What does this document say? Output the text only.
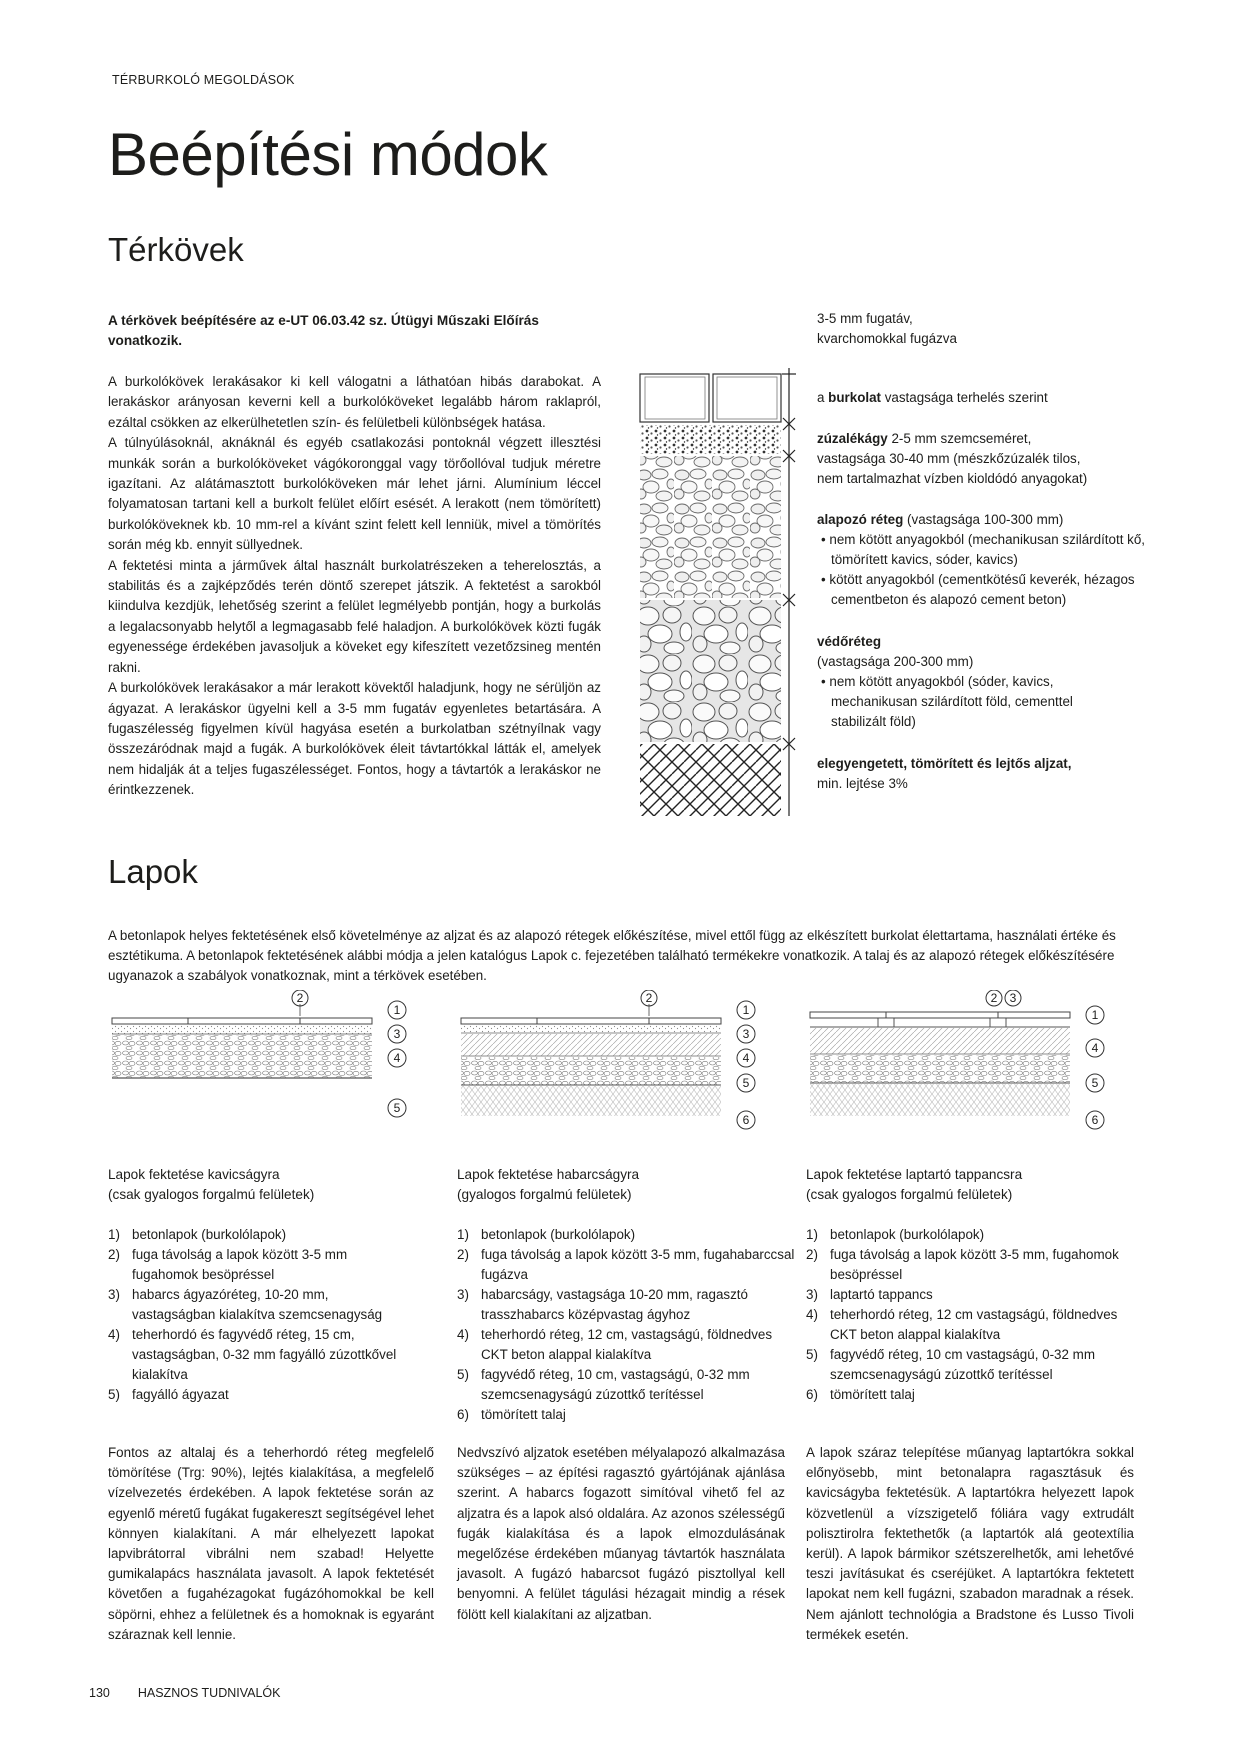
TÉRBURKOLÓ MEGOLDÁSOK
Beépítési módok
Térkövek
A térkövek beépítésére az e-UT 06.03.42 sz. Útügyi Műszaki Előírás vonatkozik.

A burkolókövek lerakásakor ki kell válogatni a láthatóan hibás darabokat. A lerakáskor arányosan keverni kell a burkolóköveket legalább három raklapról, ezáltal csökken az elkerülhetetlen szín- és felületbeli különbségek hatása.

A túlnyúlásoknál, aknáknál és egyéb csatlakozási pontoknál végzett illesztési munkák során a burkolóköveket vágókoronggal vagy törőollóval tudjuk méretre igazítani. Az alátámasztott burkolóköveken már lehet járni. Alumínium léccel folyamatosan tartani kell a burkolt felület előírt esését. A lerakott (nem tömörített) burkolóköveknek kb. 10 mm-rel a kívánt szint felett kell lenniük, mivel a tömörítés során még kb. ennyit süllyednek.

A fektetési minta a járművek által használt burkolatrészeken a teherelosztás, a stabilitás és a zajképződés terén döntő szerepet játszik. A fektetést a sarokból kiindulva kezdjük, lehetőség szerint a felület legmélyebb pontján, hogy a burkolás a legalacsonyabb helytől a legmagasabb felé haladjon. A burkolókövek közti fugák egyenessége érdekében javasoljuk a köveket egy kifeszített vezetőzsineg mentén rakni.

A burkolókövek lerakásakor a már lerakott kövektől haladjunk, hogy ne sérüljön az ágyazat. A lerakáskor ügyelni kell a 3-5 mm fugatáv egyenletes betartására. A fugaszélesség figyelmen kívül hagyása esetén a burkolatban szétnyílnak vagy összezáródnak majd a fugák. A burkolókövek éleit távtartókkal látták el, amelyek nem hidalják át a teljes fugaszélességet. Fontos, hogy a távtartók a lerakáskor ne érintkezzenek.

3-5 mm fugatáv,
kvarchomokkal fugázva
a burkolat vastagsága terhelés szerint
zúzalékágy 2-5 mm szemcseméret,
vastagsága 30-40 mm (mészkőzúzalék tilos,
nem tartalmazhat vízben kioldódó anyagokat)
alapozó réteg (vastagsága 100-300 mm)
• nem kötött anyagokból (mechanikusan szilárdított kő, tömörített kavics, sóder, kavics)
• kötött anyagokból (cementkötésű keverék, hézagos cementbeton és alapozó cement beton)
védőréteg
(vastagsága 200-300 mm)
• nem kötött anyagokból (sóder, kavics, mechanikusan szilárdított föld, cementtel stabilizált föld)
elegyengetett, tömörített és lejtős aljzat,
min. lejtése 3%
Lapok
A betonlapok helyes fektetésének első követelménye az aljzat és az alapozó rétegek előkészítése, mivel ettől függ az elkészített burkolat élettartama, használati értéke és esztétikuma. A betonlapok fektetésének alábbi módja a jelen katalógus Lapok c. fejezetében található termékekre vonatkozik. A talaj és az alapozó rétegek előkészítésére ugyanazok a szabályok vonatkoznak, mint a térkövek esetében.
2
1
3
4
5
2
1
3
4
5
6
2 3
1
4
5
6
Lapok fektetése kavicságyra
(csak gyalogos forgalmú felületek)
Lapok fektetése habarcságyra
(gyalogos forgalmú felületek)
Lapok fektetése laptartó tappancsra
(csak gyalogos forgalmú felületek)
1) betonlapok (burkolólapok)
2) fuga távolság a lapok között 3-5 mm fugahomok besöpréssel
3) habarcs ágyazóréteg, 10-20 mm, vastagságban kialakítva szemcsenagyság
4) teherhordó és fagyvédő réteg, 15 cm, vastagságban, 0-32 mm fagyálló zúzottkővel kialakítva
5) fagyálló ágyazat
1) betonlapok (burkolólapok)
2) fuga távolság a lapok között 3-5 mm, fugahabarccsal fugázva
3) habarcságy, vastagsága 10-20 mm, ragasztó trasszhabarcs középvastag ágyhoz
4) teherhordó réteg, 12 cm, vastagságú, földnedves CKT beton alappal kialakítva
5) fagyvédő réteg, 10 cm, vastagságú, 0-32 mm szemcsenagyságú zúzottkő terítéssel
6) tömörített talaj
1) betonlapok (burkolólapok)
2) fuga távolság a lapok között 3-5 mm, fugahomok besöpréssel
3) laptartó tappancs
4) teherhordó réteg, 12 cm vastagságú, földnedves CKT beton alappal kialakítva
5) fagyvédő réteg, 10 cm vastagságú, 0-32 mm szemcsenagyságú zúzottkő terítéssel
6) tömörített talaj
Fontos az altalaj és a teherhordó réteg megfelelő tömörítése (Trg: 90%), lejtés kialakítása, a megfelelő vízelvezetés érdekében. A lapok fektetése során az egyenlő méretű fugákat fugakereszt segítségével lehet könnyen kialakítani. A már elhelyezett lapokat lapvibrátorral vibrálni nem szabad! Helyette gumikalapács használata javasolt. A lapok fektetését követően a fugahézagokat fugázóhomokkal be kell söpörni, ehhez a felületnek és a homoknak is egyaránt száraznak kell lennie.
Nedvszívó aljzatok esetében mélyalapozó alkalmazása szükséges – az építési ragasztó gyártójának ajánlása szerint. A habarcs fogazott simítóval vihető fel az aljzatra és a lapok alsó oldalára. Az azonos szélességű fugák kialakítása és a lapok elmozdulásának megelőzése érdekében műanyag távtartók használata javasolt. A fugázó habarcsot fugázó pisztollyal kell benyomni. A felület tágulási hézagait mindig a rések fölött kell kialakítani az aljzatban.
A lapok száraz telepítése műanyag laptartókra sokkal előnyösebb, mint betonalapra ragasztásuk és kavicságyba fektetésük. A laptartókra helyezett lapok közvetlenül a vízszigetelő fóliára vagy extrudált polisztirolra fektethetők (a laptartók alá geotextília kerül). A lapok bármikor szétszerelhetők, ami lehetővé teszi javításukat és cseréjüket. A laptartókra fektetett lapokat nem kell fugázni, szabadon maradnak a rések. Nem ajánlott technológia a Bradstone és Lusso Tivoli termékek esetén.
130 HASZNOS TUDNIVALÓK
